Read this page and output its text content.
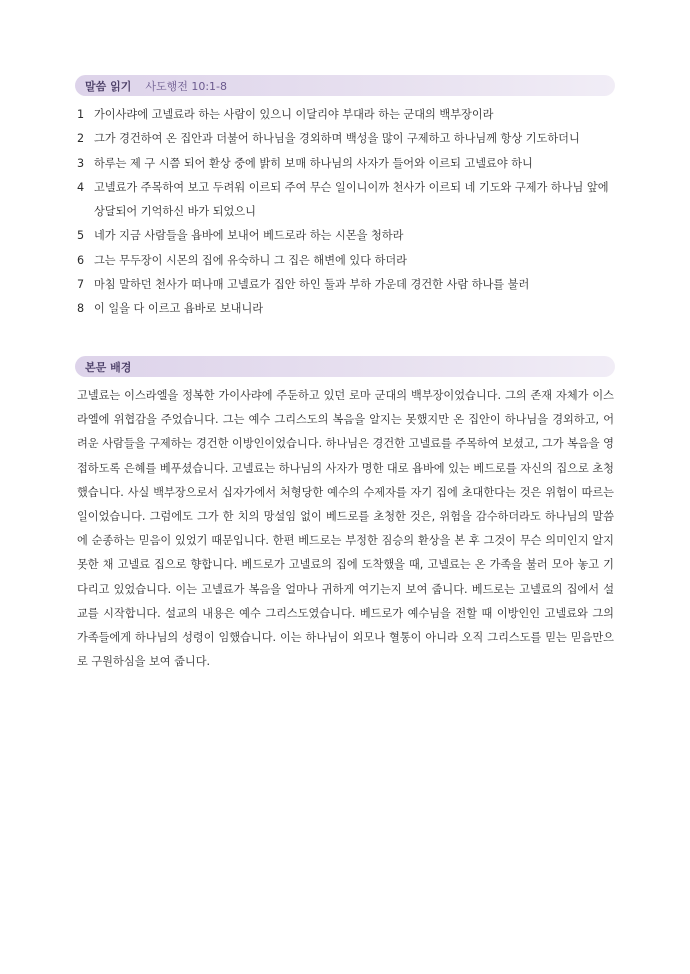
말씀 읽기 사도행전 10:1-8
1 가이사랴에 고넬료라 하는 사람이 있으니 이달리야 부대라 하는 군대의 백부장이라
2 그가 경건하여 온 집안과 더불어 하나님을 경외하며 백성을 많이 구제하고 하나님께 항상 기도하더니
3 하루는 제 구 시쯤 되어 환상 중에 밝히 보매 하나님의 사자가 들어와 이르되 고넬료야 하니
4 고넬료가 주목하여 보고 두려워 이르되 주여 무슨 일이니이까 천사가 이르되 네 기도와 구제가 하나님 앞에 상달되어 기억하신 바가 되었으니
5 네가 지금 사람들을 욥바에 보내어 베드로라 하는 시몬을 청하라
6 그는 무두장이 시몬의 집에 유숙하니 그 집은 해변에 있다 하더라
7 마침 말하던 천사가 떠나매 고넬료가 집안 하인 둘과 부하 가운데 경건한 사람 하나를 불러
8 이 일을 다 이르고 욥바로 보내니라
본문 배경
고넬료는 이스라엘을 정복한 가이사랴에 주둔하고 있던 로마 군대의 백부장이었습니다. 그의 존재 자체가 이스라엘에 위협감을 주었습니다. 그는 예수 그리스도의 복음을 알지는 못했지만 온 집안이 하나님을 경외하고, 어려운 사람들을 구제하는 경건한 이방인이었습니다. 하나님은 경건한 고넬료를 주목하여 보셨고, 그가 복음을 영접하도록 은혜를 베푸셨습니다. 고넬료는 하나님의 사자가 명한 대로 욥바에 있는 베드로를 자신의 집으로 초청했습니다. 사실 백부장으로서 십자가에서 처형당한 예수의 수제자를 자기 집에 초대한다는 것은 위험이 따르는 일이었습니다. 그럼에도 그가 한 치의 망설임 없이 베드로를 초청한 것은, 위험을 감수하더라도 하나님의 말씀에 순종하는 믿음이 있었기 때문입니다. 한편 베드로는 부정한 짐승의 환상을 본 후 그것이 무슨 의미인지 알지 못한 채 고넬료 집으로 향합니다. 베드로가 고넬료의 집에 도착했을 때, 고넬료는 온 가족을 불러 모아 놓고 기다리고 있었습니다. 이는 고넬료가 복음을 얼마나 귀하게 여기는지 보여 줍니다. 베드로는 고넬료의 집에서 설교를 시작합니다. 설교의 내용은 예수 그리스도였습니다. 베드로가 예수님을 전할 때 이방인인 고넬료와 그의 가족들에게 하나님의 성령이 임했습니다. 이는 하나님이 외모나 혈통이 아니라 오직 그리스도를 믿는 믿음만으로 구원하심을 보여 줍니다.
